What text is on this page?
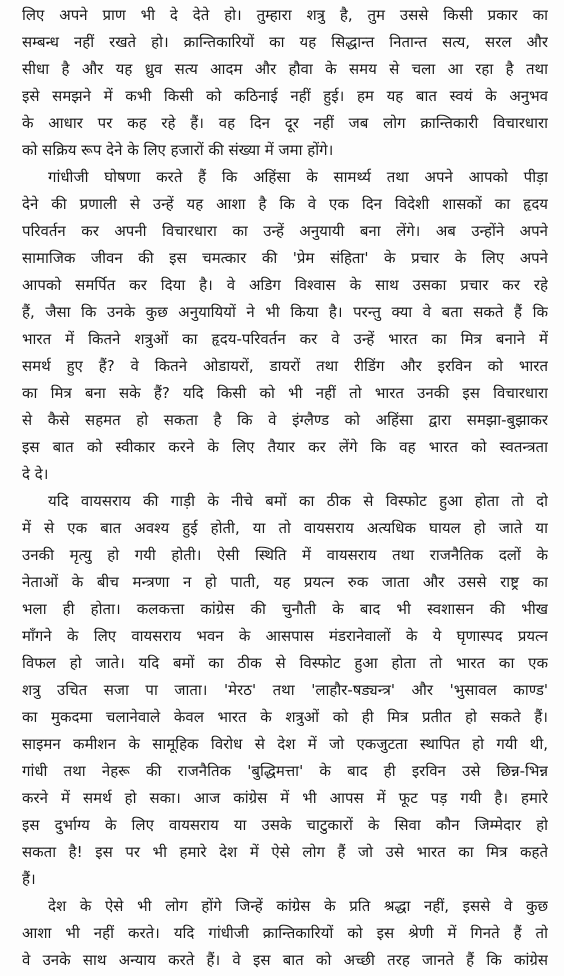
लिए अपने प्राण भी दे देते हो। तुम्हारा शत्रु है, तुम उससे किसी प्रकार का
सम्बन्ध नहीं रखते हो। क्रान्तिकारियों का यह सिद्धान्त नितान्त सत्य, सरल और
सीधा है और यह ध्रुव सत्य आदम और हौवा के समय से चला आ रहा है तथा
इसे समझने में कभी किसी को कठिनाई नहीं हुई। हम यह बात स्वयं के अनुभव
के आधार पर कह रहे हैं। वह दिन दूर नहीं जब लोग क्रान्तिकारी विचारधारा
को सक्रिय रूप देने के लिए हजारों की संख्या में जमा होंगे।
गांधीजी घोषणा करते हैं कि अहिंसा के सामर्थ्य तथा अपने आपको पीड़ा
देने की प्रणाली से उन्हें यह आशा है कि वे एक दिन विदेशी शासकों का हृदय
परिवर्तन कर अपनी विचारधारा का उन्हें अनुयायी बना लेंगे। अब उन्होंने अपने
सामाजिक जीवन की इस चमत्कार की 'प्रेम संहिता' के प्रचार के लिए अपने
आपको समर्पित कर दिया है। वे अडिग विश्वास के साथ उसका प्रचार कर रहे
हैं, जैसा कि उनके कुछ अनुयायियों ने भी किया है। परन्तु क्या वे बता सकते हैं कि
भारत में कितने शत्रुओं का हृदय-परिवर्तन कर वे उन्हें भारत का मित्र बनाने में
समर्थ हुए हैं? वे कितने ओडायरों, डायरों तथा रीडिंग और इरविन को भारत
का मित्र बना सके हैं? यदि किसी को भी नहीं तो भारत उनकी इस विचारधारा
से कैसे सहमत हो सकता है कि वे इंग्लैण्ड को अहिंसा द्वारा समझा-बुझाकर
इस बात को स्वीकार करने के लिए तैयार कर लेंगे कि वह भारत को स्वतन्त्रता
दे दे।
यदि वायसराय की गाड़ी के नीचे बमों का ठीक से विस्फोट हुआ होता तो दो
में से एक बात अवश्य हुई होती, या तो वायसराय अत्यधिक घायल हो जाते या
उनकी मृत्यु हो गयी होती। ऐसी स्थिति में वायसराय तथा राजनैतिक दलों के
नेताओं के बीच मन्त्रणा न हो पाती, यह प्रयत्न रुक जाता और उससे राष्ट्र का
भला ही होता। कलकत्ता कांग्रेस की चुनौती के बाद भी स्वशासन की भीख
माँगने के लिए वायसराय भवन के आसपास मंडरानेवालों के ये घृणास्पद प्रयत्न
विफल हो जाते। यदि बमों का ठीक से विस्फोट हुआ होता तो भारत का एक
शत्रु उचित सजा पा जाता। 'मेरठ' तथा 'लाहौर-षड्यन्त्र' और 'भुसावल काण्ड'
का मुकदमा चलानेवाले केवल भारत के शत्रुओं को ही मित्र प्रतीत हो सकते हैं।
साइमन कमीशन के सामूहिक विरोध से देश में जो एकजुटता स्थापित हो गयी थी,
गांधी तथा नेहरू की राजनैतिक 'बुद्धिमत्ता' के बाद ही इरविन उसे छिन्न-भिन्न
करने में समर्थ हो सका। आज कांग्रेस में भी आपस में फूट पड़ गयी है। हमारे
इस दुर्भाग्य के लिए वायसराय या उसके चाटुकारों के सिवा कौन जिम्मेदार हो
सकता है! इस पर भी हमारे देश में ऐसे लोग हैं जो उसे भारत का मित्र कहते
हैं।
देश के ऐसे भी लोग होंगे जिन्हें कांग्रेस के प्रति श्रद्धा नहीं, इससे वे कुछ
आशा भी नहीं करते। यदि गांधीजी क्रान्तिकारियों को इस श्रेणी में गिनते हैं तो
वे उनके साथ अन्याय करते हैं। वे इस बात को अच्छी तरह जानते हैं कि कांग्रेस
